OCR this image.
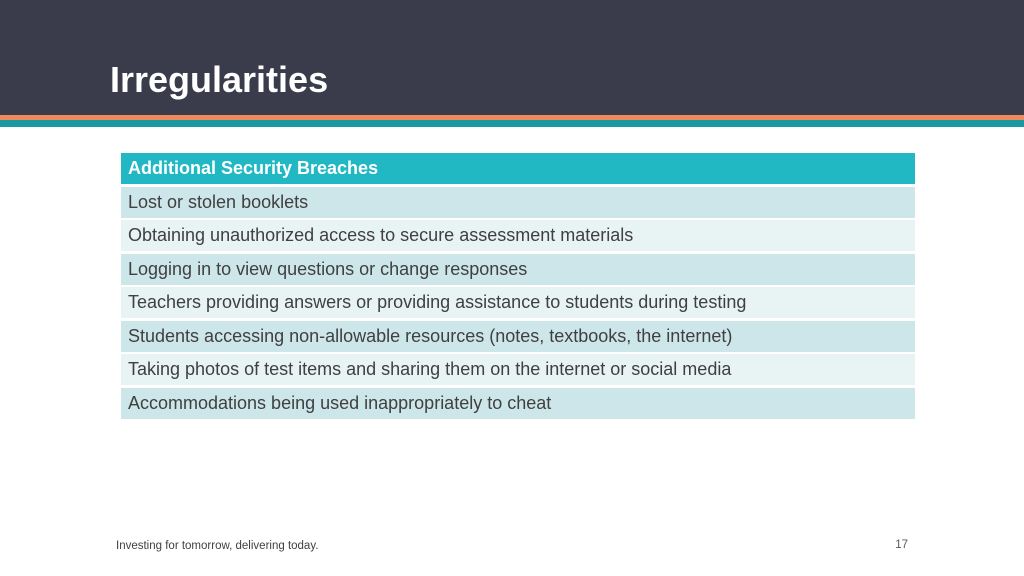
Irregularities
Additional Security Breaches
Lost or stolen booklets
Obtaining unauthorized access to secure assessment materials
Logging in to view questions or change responses
Teachers providing answers or providing assistance to students during testing
Students accessing non-allowable resources (notes, textbooks, the internet)
Taking photos of test items and sharing them on the internet or social media
Accommodations being used inappropriately to cheat
Investing for tomorrow, delivering today.	17
